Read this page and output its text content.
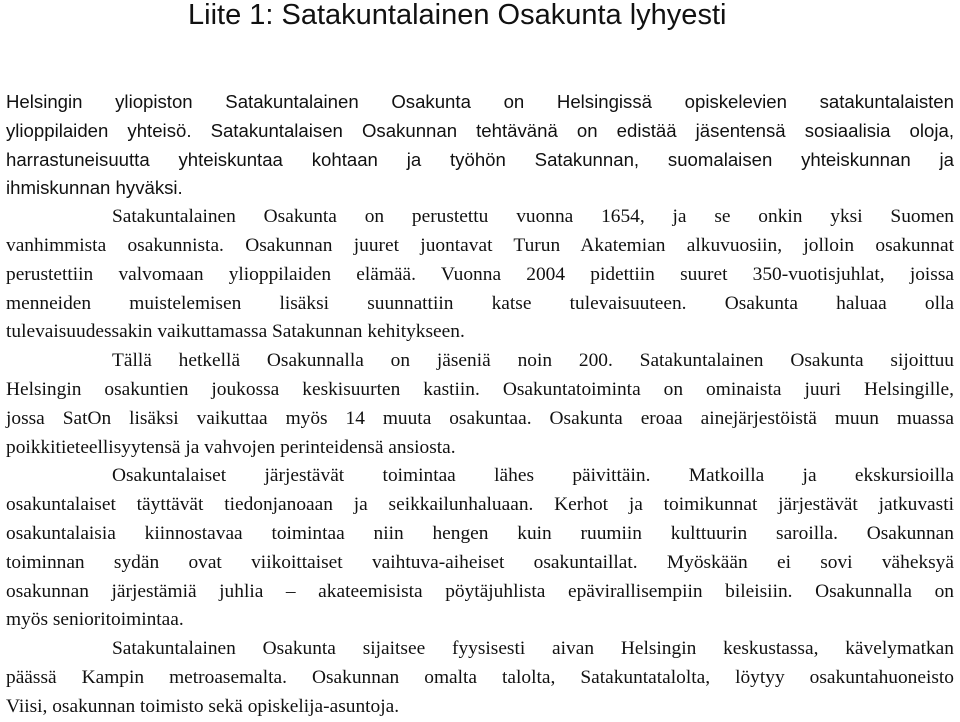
Liite 1: Satakuntalainen Osakunta lyhyesti
Helsingin yliopiston Satakuntalainen Osakunta on Helsingissä opiskelevien satakuntalaisten
ylioppilaiden yhteisö. Satakuntalaisen Osakunnan tehtävänä on edistää jäsentensä sosiaalisia oloja,
harrastuneisuutta yhteiskuntaa kohtaan ja työhön Satakunnan, suomalaisen yhteiskunnan ja
ihmiskunnan hyväksi.
Satakuntalainen Osakunta on perustettu vuonna 1654, ja se onkin yksi Suomen
vanhimmista osakunnista. Osakunnan juuret juontavat Turun Akatemian alkuvuosiin, jolloin osakunnat
perustettiin valvomaan ylioppilaiden elämää. Vuonna 2004 pidettiin suuret 350-vuotisjuhlat, joissa
menneiden muistelemisen lisäksi suunnattiin katse tulevaisuuteen. Osakunta haluaa olla
tulevaisuudessakin vaikuttamassa Satakunnan kehitykseen.
Tällä hetkellä Osakunnalla on jäseniä noin 200. Satakuntalainen Osakunta sijoittuu
Helsingin osakuntien joukossa keskisuurten kastiin. Osakuntatoiminta on ominaista juuri Helsingille,
jossa SatOn lisäksi vaikuttaa myös 14 muuta osakuntaa. Osakunta eroaa ainejärjestöistä muun muassa
poikkitieteellisyytensä ja vahvojen perinteidensä ansiosta.
Osakuntalaiset järjestävät toimintaa lähes päivittäin. Matkoilla ja ekskursioilla
osakuntalaiset täyttävät tiedonjanoaan ja seikkailunhaluaan. Kerhot ja toimikunnat järjestävät jatkuvasti
osakuntalaisia kiinnostavaa toimintaa niin hengen kuin ruumiin kulttuurin saroilla. Osakunnan
toiminnan sydän ovat viikoittaiset vaihtuva-aiheiset osakuntaillat. Myöskään ei sovi väheksyä
osakunnan järjestämiä juhlia – akateemisista pöytäjuhlista epävirallisempiin bileisiin. Osakunnalla on
myös senioritoimintaa.
Satakuntalainen Osakunta sijaitsee fyysisesti aivan Helsingin keskustassa, kävelymatkan
päässä Kampin metroasemalta. Osakunnan omalta talolta, Satakuntatalolta, löytyy osakuntahuoneisto
Viisi, osakunnan toimisto sekä opiskelija-asuntoja.
